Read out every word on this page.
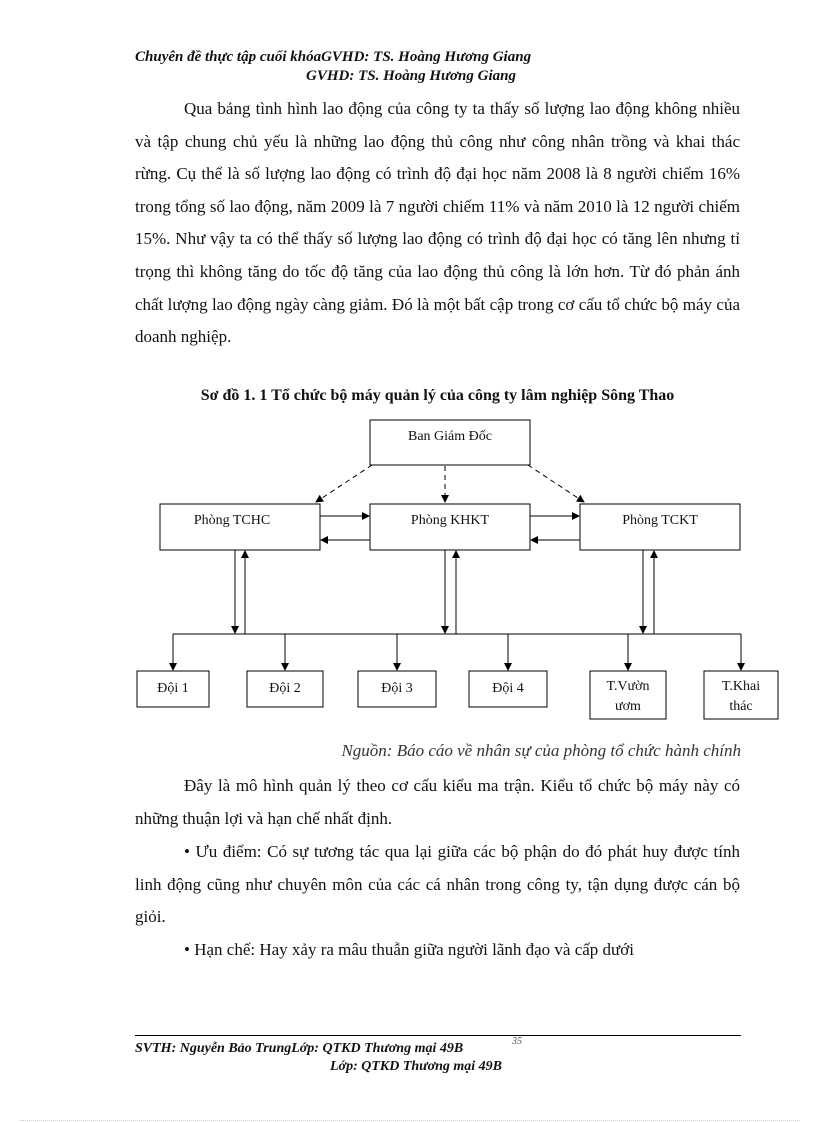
Chuyên đề thực tập cuối khóaGVHD: TS. Hoàng Hương Giang
GVHD: TS. Hoàng Hương Giang

Qua bảng tình hình lao động của công ty ta thấy số lượng lao động không nhiều và tập chung chủ yếu là những lao động thủ công như công nhân trồng và khai thác rừng. Cụ thể là số lượng lao động có trình độ đại học năm 2008 là 8 người chiếm 16% trong tổng số lao động, năm 2009 là 7 người chiếm 11% và năm 2010 là 12 người chiếm 15%. Như vậy ta có thể thấy số lượng lao động có trình độ đại học có tăng lên nhưng tỉ trọng thì không tăng do tốc độ tăng của lao động thủ công là lớn hơn. Từ đó phản ánh chất lượng lao động ngày càng giảm. Đó là một bất cập trong cơ cấu tổ chức bộ máy của doanh nghiệp.

Sơ đồ 1. 1 Tổ chức bộ máy quản lý của công ty lâm nghiệp Sông Thao
Ban Giám Đốc
Phòng TCHC	Phòng KHKT	Phòng TCKT
Đội 1	Đội 2	Đội 3	Đội 4	T.Vườn
ươm
T.Khai
thác
Nguồn: Báo cáo về nhân sự của phòng tổ chức hành chính

Đây là mô hình quản lý theo cơ cấu kiểu ma trận. Kiểu tổ chức bộ máy này có những thuận lợi và hạn chế nhất định.

• Ưu điểm: Có sự tương tác qua lại giữa các bộ phận do đó phát huy được tính linh động cũng như chuyên môn của các cá nhân trong công ty, tận dụng được cán bộ giỏi.

• Hạn chế: Hay xảy ra mâu thuẫn giữa người lãnh đạo và cấp dưới

SVTH: Nguyễn Bảo TrungLớp: QTKD Thương mại 49B	35
Lớp: QTKD Thương mại 49B
